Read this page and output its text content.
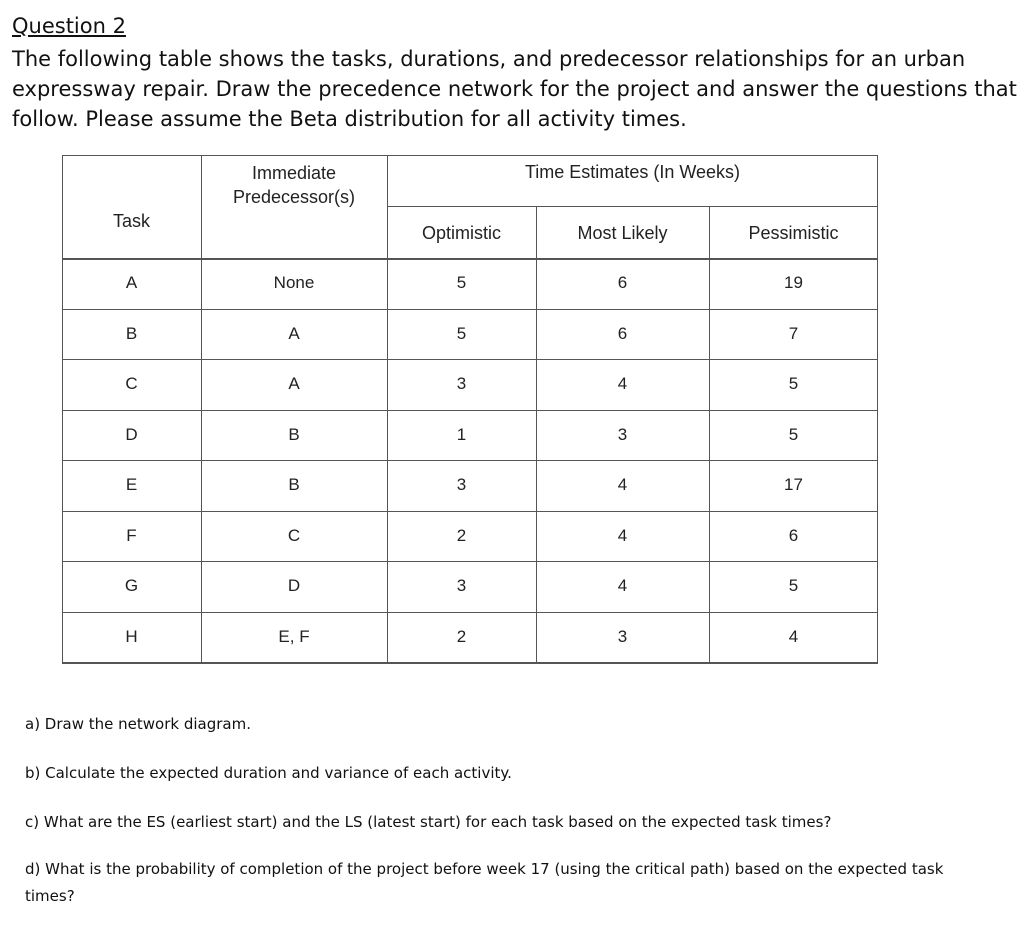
Question 2
The following table shows the tasks, durations, and predecessor relationships for an urban
expressway repair. Draw the precedence network for the project and answer the questions that
follow. Please assume the Beta distribution for all activity times.
Task
Immediate
Predecessor(s)
Time Estimates (In Weeks)
Optimistic	Most Likely	Pessimistic
A	None	5	6	19
B	A	5	6	7
C	A	3	4	5
D	B	1	3	5
E	B	3	4	17
F	C	2	4	6
G	D	3	4	5
H	E, F	2	3	4
a) Draw the network diagram.
b) Calculate the expected duration and variance of each activity.
c) What are the ES (earliest start) and the LS (latest start) for each task based on the expected task times?
d) What is the probability of completion of the project before week 17 (using the critical path) based on the expected task times?
